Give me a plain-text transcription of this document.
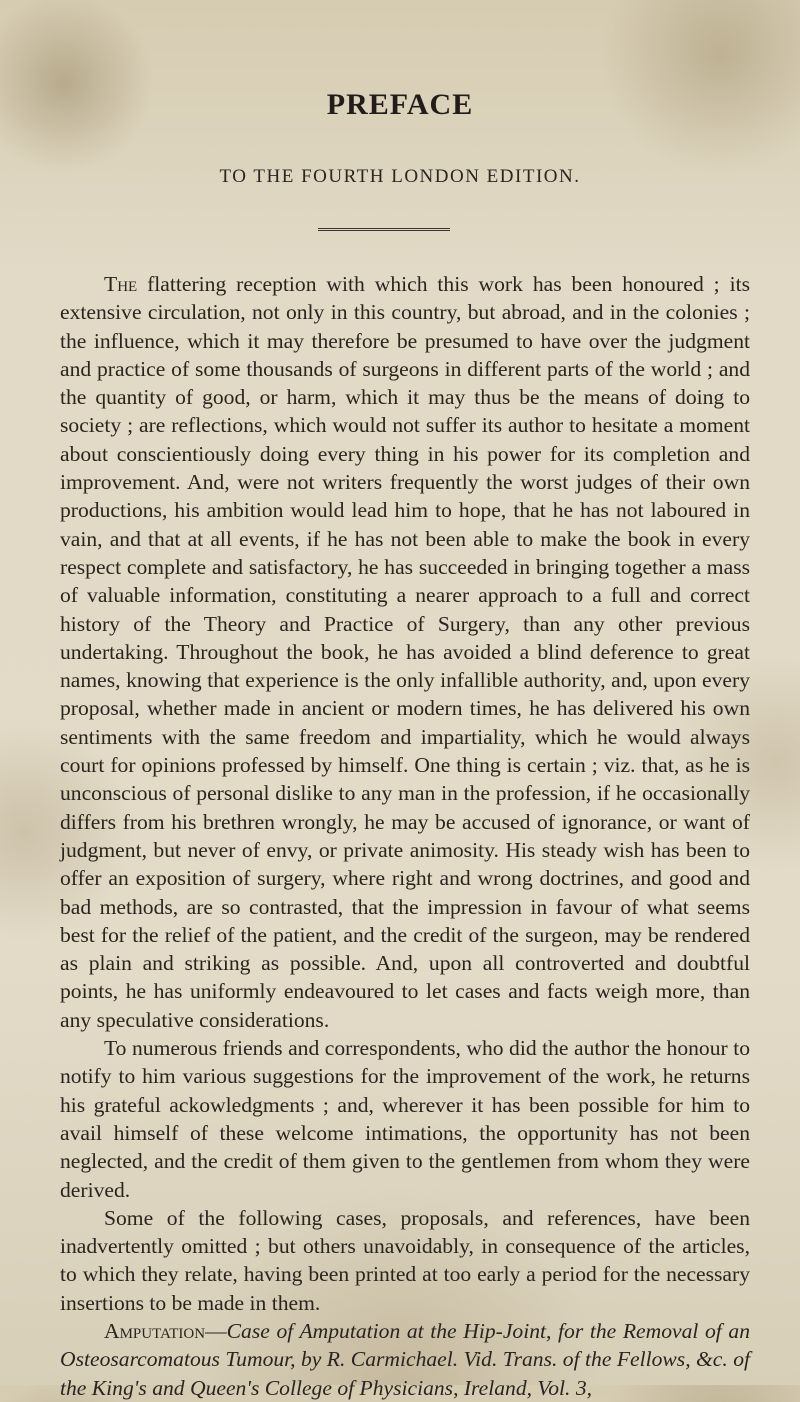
PREFACE
TO THE FOURTH LONDON EDITION.

The flattering reception with which this work has been honoured ; its extensive circulation, not only in this country, but abroad, and in the colonies ; the influence, which it may therefore be presumed to have over the judgment and practice of some thousands of surgeons in different parts of the world ; and the quantity of good, or harm, which it may thus be the means of doing to society ; are reflections, which would not suffer its author to hesitate a moment about conscientiously doing every thing in his power for its completion and improvement. And, were not writers frequently the worst judges of their own productions, his ambition would lead him to hope, that he has not laboured in vain, and that at all events, if he has not been able to make the book in every respect complete and satisfactory, he has succeeded in bringing together a mass of valuable information, constituting a nearer approach to a full and correct history of the Theory and Practice of Surgery, than any other previous undertaking. Throughout the book, he has avoided a blind deference to great names, knowing that experience is the only infallible authority, and, upon every proposal, whether made in ancient or modern times, he has delivered his own sentiments with the same freedom and impartiality, which he would always court for opinions professed by himself. One thing is certain ; viz. that, as he is unconscious of personal dislike to any man in the profession, if he occasionally differs from his brethren wrongly, he may be accused of ignorance, or want of judgment, but never of envy, or private animosity. His steady wish has been to offer an exposition of surgery, where right and wrong doctrines, and good and bad methods, are so contrasted, that the impression in favour of what seems best for the relief of the patient, and the credit of the surgeon, may be rendered as plain and striking as possible. And, upon all controverted and doubtful points, he has uniformly endeavoured to let cases and facts weigh more, than any speculative considerations.

To numerous friends and correspondents, who did the author the honour to notify to him various suggestions for the improvement of the work, he returns his grateful ackowledgments ; and, wherever it has been possible for him to avail himself of these welcome intimations, the opportunity has not been neglected, and the credit of them given to the gentlemen from whom they were derived.

Some of the following cases, proposals, and references, have been inadvertently omitted ; but others unavoidably, in consequence of the articles, to which they relate, having been printed at too early a period for the necessary insertions to be made in them.

Amputation—Case of Amputation at the Hip-Joint, for the Removal of an Osteosarcomatous Tumour, by R. Carmichael. Vid. Trans. of the Fellows, &c. of the King's and Queen's College of Physicians, Ireland, Vol. 3,
